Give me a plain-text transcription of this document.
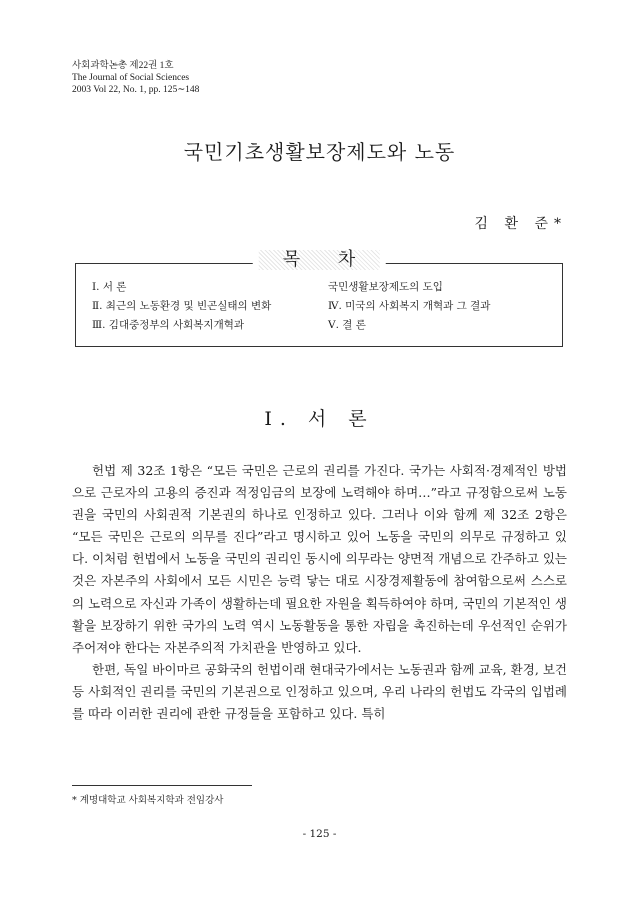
사회과학논총 제22권 1호
The Journal of Social Sciences
2003 Vol 22, No. 1, pp. 125∼148
국민기초생활보장제도와 노동
김 환 준*
목 차
Ⅰ. 서 론
Ⅱ. 최근의 노동환경 및 빈곤실태의 변화
Ⅲ. 김대중정부의 사회복지개혁과
국민생활보장제도의 도입
Ⅳ. 미국의 사회복지 개혁과 그 결과
Ⅴ. 결 론
Ⅰ. 서 론

헌법 제 32조 1항은 “모든 국민은 근로의 권리를 가진다. 국가는 사회적·경제적인 방법으로 근로자의 고용의 증진과 적정임금의 보장에 노력해야 하며…”라고 규정함으로써 노동권을 국민의 사회권적 기본권의 하나로 인정하고 있다. 그러나 이와 함께 제 32조 2항은 “모든 국민은 근로의 의무를 진다”라고 명시하고 있어 노동을 국민의 의무로 규정하고 있다. 이처럼 헌법에서 노동을 국민의 권리인 동시에 의무라는 양면적 개념으로 간주하고 있는 것은 자본주의 사회에서 모든 시민은 능력 닿는 대로 시장경제활동에 참여함으로써 스스로의 노력으로 자신과 가족이 생활하는데 필요한 자원을 획득하여야 하며, 국민의 기본적인 생활을 보장하기 위한 국가의 노력 역시 노동활동을 통한 자립을 촉진하는데 우선적인 순위가 주어져야 한다는 자본주의적 가치관을 반영하고 있다.

한편, 독일 바이마르 공화국의 헌법이래 현대국가에서는 노동권과 함께 교육, 환경, 보건 등 사회적인 권리를 국민의 기본권으로 인정하고 있으며, 우리 나라의 헌법도 각국의 입법례를 따라 이러한 권리에 관한 규정들을 포함하고 있다. 특히

* 계명대학교 사회복지학과 전임강사
- 125 -
